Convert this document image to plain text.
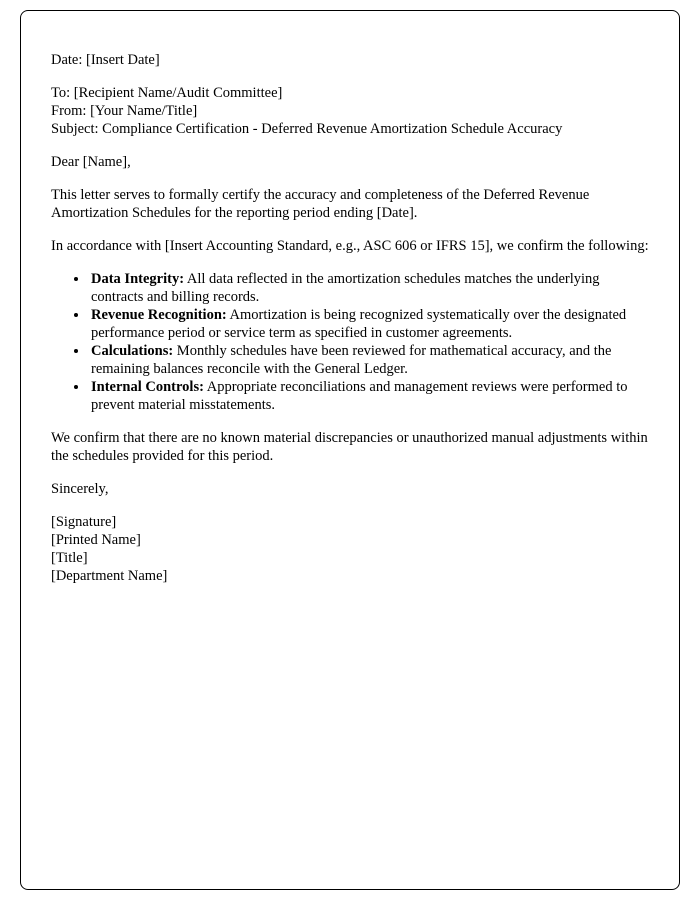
Date: [Insert Date]

To: [Recipient Name/Audit Committee]

From: [Your Name/Title]

Subject: Compliance Certification - Deferred Revenue Amortization Schedule Accuracy

Dear [Name],

This letter serves to formally certify the accuracy and completeness of the Deferred Revenue Amortization Schedules for the reporting period ending [Date].

In accordance with [Insert Accounting Standard, e.g., ASC 606 or IFRS 15], we confirm the following:

• Data Integrity: All data reflected in the amortization schedules matches the underlying contracts and billing records.
• Revenue Recognition: Amortization is being recognized systematically over the designated performance period or service term as specified in customer agreements.
• Calculations: Monthly schedules have been reviewed for mathematical accuracy, and the remaining balances reconcile with the General Ledger.
• Internal Controls: Appropriate reconciliations and management reviews were performed to prevent material misstatements.

We confirm that there are no known material discrepancies or unauthorized manual adjustments within the schedules provided for this period.

Sincerely,

[Signature]

[Printed Name]

[Title]

[Department Name]
